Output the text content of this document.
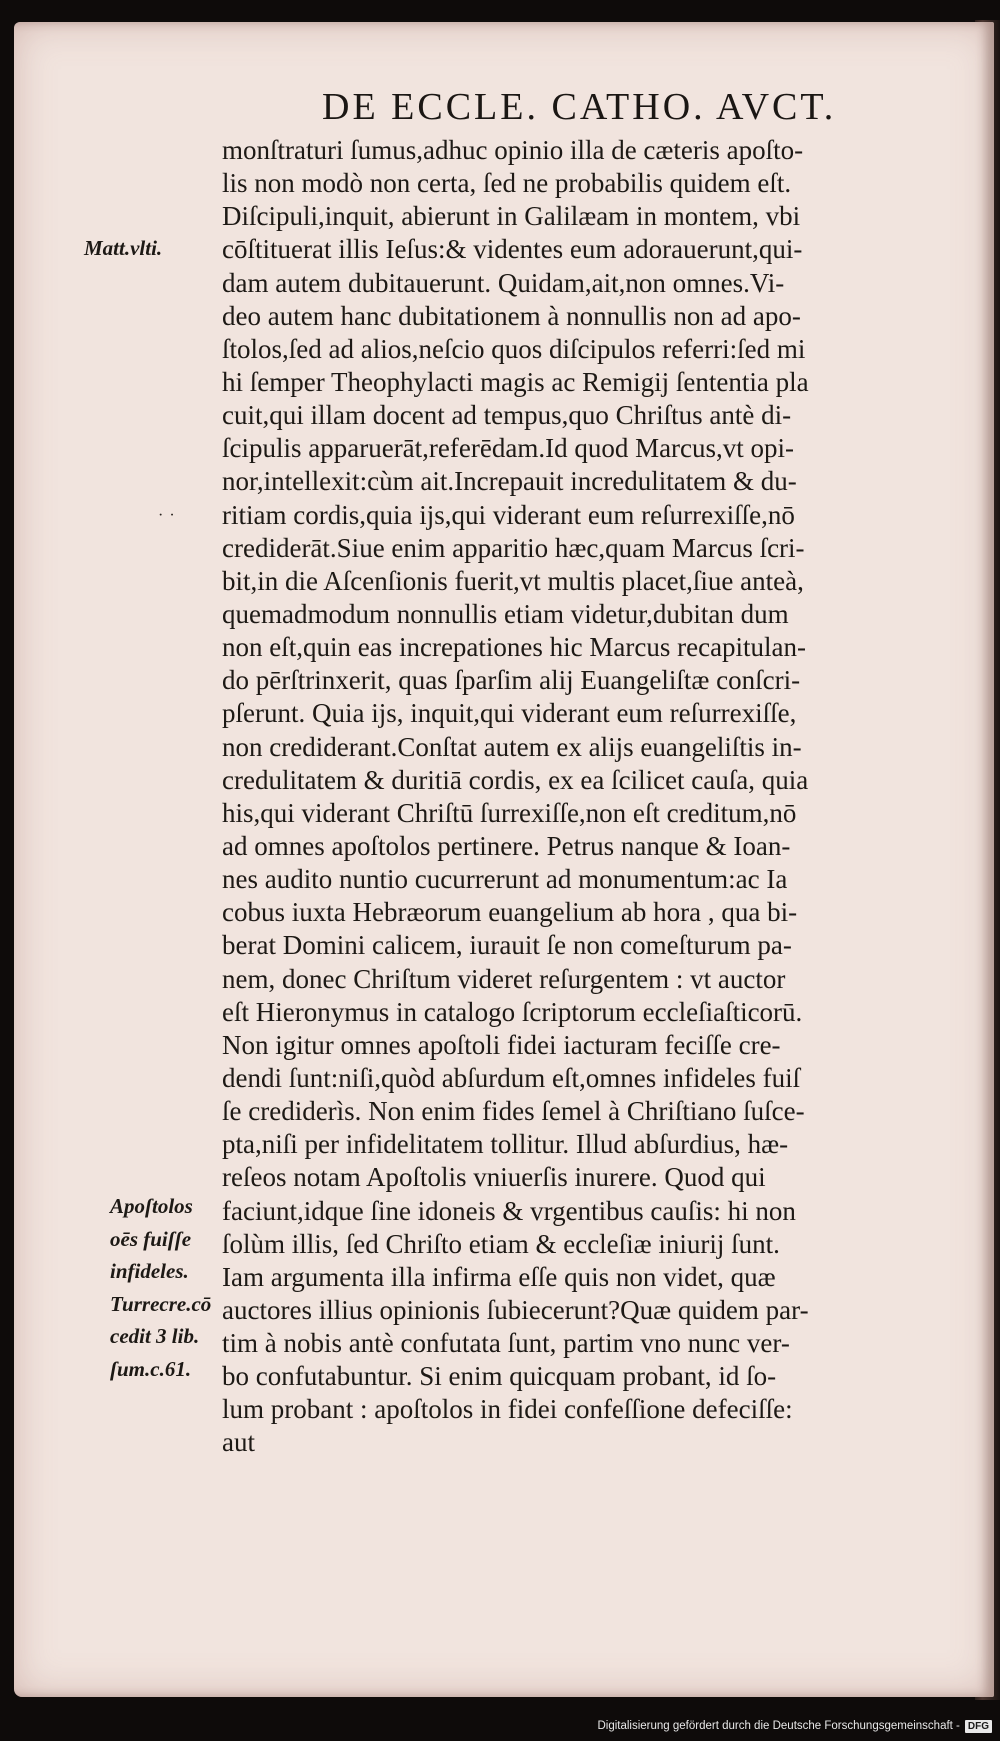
DE ECCLE. CATHO. AVCT.
Matt.vlti.
Apoſtolos
oēs fuiſſe
infideles.
Turrecre.cō
cedit 3 lib.
ſum.c.61.
··
monſtraturi ſumus,adhuc opinio illa de cæteris apoſto-
lis non modò non certa, ſed ne probabilis quidem eſt.
Diſcipuli,inquit, abierunt in Galilæam in montem, vbi
cōſtituerat illis Ieſus:& videntes eum adorauerunt,qui-
dam autem dubitauerunt. Quidam,ait,non omnes.Vi-
deo autem hanc dubitationem à nonnullis non ad apo-
ſtolos,ſed ad alios,neſcio quos diſcipulos referri:ſed mi
hi ſemper Theophylacti magis ac Remigij ſententia pla
cuit,qui illam docent ad tempus,quo Chriſtus antè di-
ſcipulis apparuerāt,referēdam.Id quod Marcus,vt opi-
nor,intellexit:cùm ait.Increpauit incredulitatem & du-
ritiam cordis,quia ijs,qui viderant eum reſurrexiſſe,nō
crediderāt.Siue enim apparitio hæc,quam Marcus ſcri-
bit,in die Aſcenſionis fuerit,vt multis placet,ſiue anteà,
quemadmodum nonnullis etiam videtur,dubitan dum
non eſt,quin eas increpationes hic Marcus recapitulan-
do pērſtrinxerit, quas ſparſim alij Euangeliſtæ conſcri-
pſerunt. Quia ijs, inquit,qui viderant eum reſurrexiſſe,
non crediderant.Conſtat autem ex alijs euangeliſtis in-
credulitatem & duritiā cordis, ex ea ſcilicet cauſa, quia
his,qui viderant Chriſtū ſurrexiſſe,non eſt creditum,nō
ad omnes apoſtolos pertinere. Petrus nanque & Ioan-
nes audito nuntio cucurrerunt ad monumentum:ac Ia
cobus iuxta Hebræorum euangelium ab hora , qua bi-
berat Domini calicem, iurauit ſe non comeſturum pa-
nem, donec Chriſtum videret reſurgentem : vt auctor
eſt Hieronymus in catalogo ſcriptorum eccleſiaſticorū.
Non igitur omnes apoſtoli fidei iacturam feciſſe cre-
dendi ſunt:niſi,quòd abſurdum eſt,omnes infideles fuiſ
ſe crediderìs. Non enim fides ſemel à Chriſtiano ſuſce-
pta,niſi per infidelitatem tollitur. Illud abſurdius, hæ-
reſeos notam Apoſtolis vniuerſis inurere. Quod qui
faciunt,idque ſine idoneis & vrgentibus cauſis: hi non
ſolùm illis, ſed Chriſto etiam & eccleſiæ iniurij ſunt.
Iam argumenta illa infirma eſſe quis non videt, quæ
auctores illius opinionis ſubiecerunt?Quæ quidem par-
tim à nobis antè confutata ſunt, partim vno nunc ver-
bo confutabuntur. Si enim quicquam probant, id ſo-
lum probant : apoſtolos in fidei confeſſione defeciſſe:
aut
Digitalisierung gefördert durch die Deutsche Forschungsgemeinschaft - DFG
